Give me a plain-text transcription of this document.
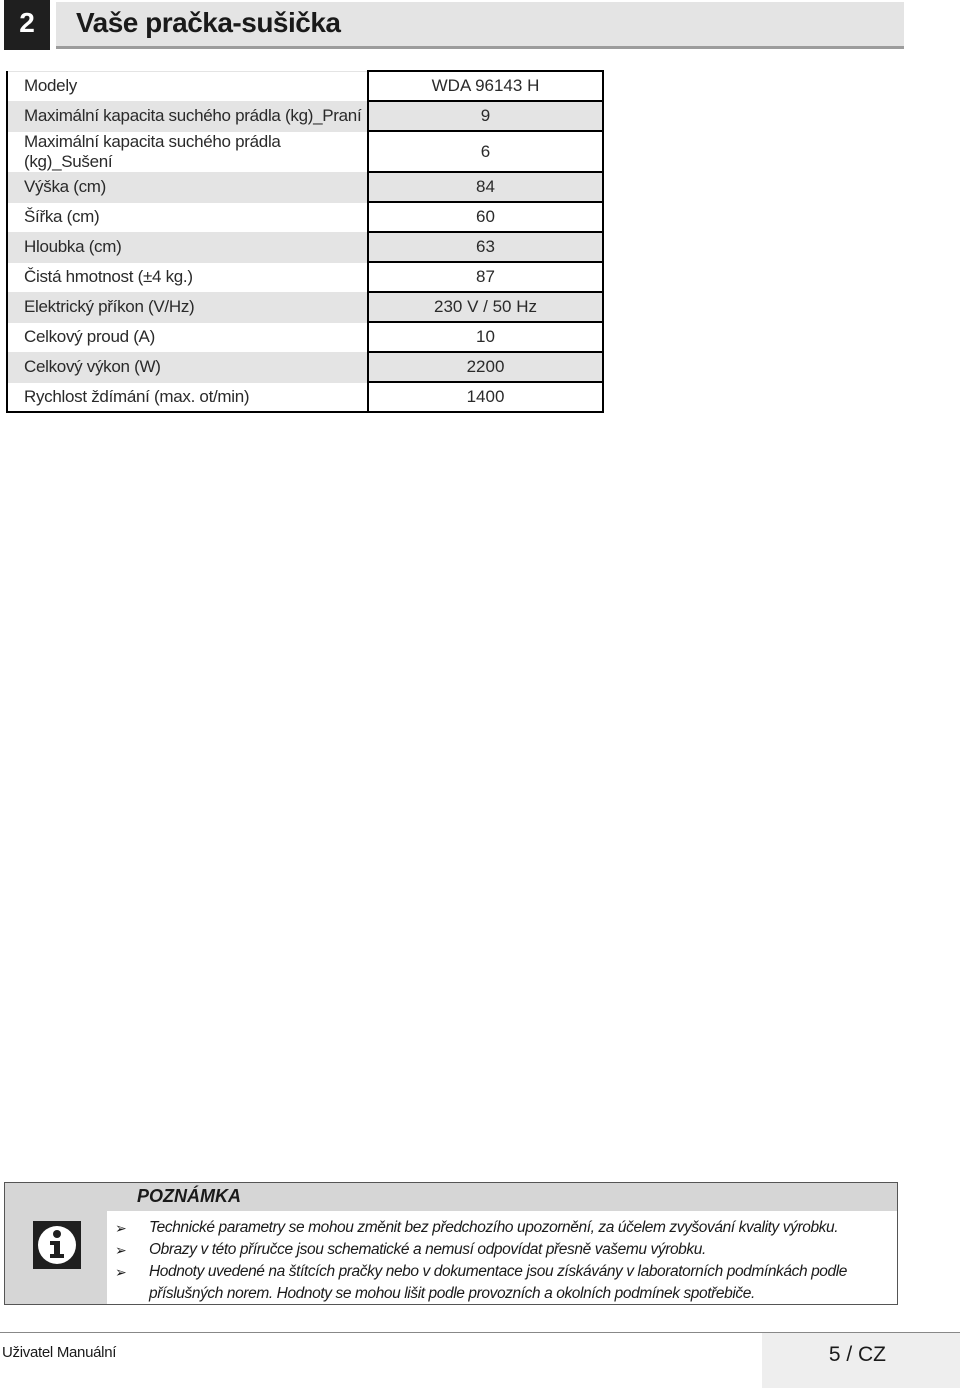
2	Vaše pračka-sušička
Modely	WDA 96143 H
Maximální kapacita suchého prádla (kg)_Praní	9
Maximální kapacita suchého prádla (kg)_Sušení	6
Výška (cm)	84
Šířka (cm)	60
Hloubka (cm)	63
Čistá hmotnost (±4 kg.)	87
Elektrický příkon (V/Hz)	230 V / 50 Hz
Celkový proud (A)	10
Celkový výkon (W)	2200
Rychlost ždímání (max. ot/min)	1400
POZNÁMKA
➢ Technické parametry se mohou změnit bez předchozího upozornění, za účelem zvyšování kvality výrobku.
➢ Obrazy v této příručce jsou schematické a nemusí odpovídat přesně vašemu výrobku.
➢ Hodnoty uvedené na štítcích pračky nebo v dokumentace jsou získávány v laboratorních podmínkách podle příslušných norem. Hodnoty se mohou lišit podle provozních a okolních podmínek spotřebiče.
Uživatel Manuální	5 / CZ
